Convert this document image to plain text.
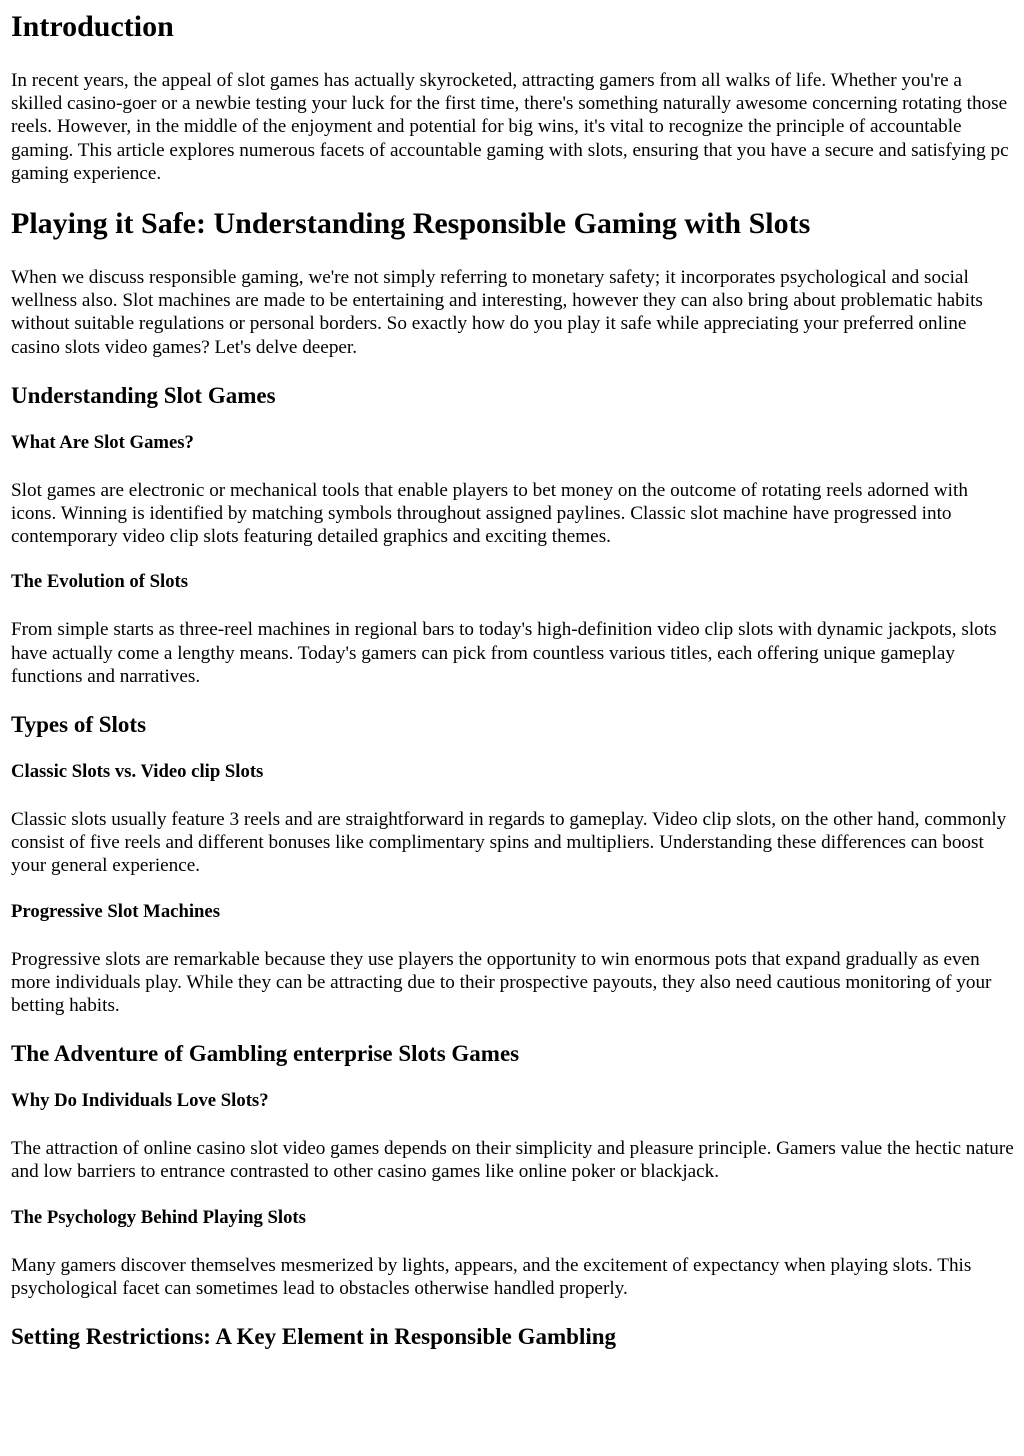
Introduction

In recent years, the appeal of slot games has actually skyrocketed, attracting gamers from all walks of life. Whether you're a skilled casino-goer or a newbie testing your luck for the first time, there's something naturally awesome concerning rotating those reels. However, in the middle of the enjoyment and potential for big wins, it's vital to recognize the principle of accountable gaming. This article explores numerous facets of accountable gaming with slots, ensuring that you have a secure and satisfying pc gaming experience.

Playing it Safe: Understanding Responsible Gaming with Slots

When we discuss responsible gaming, we're not simply referring to monetary safety; it incorporates psychological and social wellness also. Slot machines are made to be entertaining and interesting, however they can also bring about problematic habits without suitable regulations or personal borders. So exactly how do you play it safe while appreciating your preferred online casino slots video games? Let's delve deeper.

Understanding Slot Games
What Are Slot Games?

Slot games are electronic or mechanical tools that enable players to bet money on the outcome of rotating reels adorned with icons. Winning is identified by matching symbols throughout assigned paylines. Classic slot machine have progressed into contemporary video clip slots featuring detailed graphics and exciting themes.

The Evolution of Slots

From simple starts as three-reel machines in regional bars to today's high-definition video clip slots with dynamic jackpots, slots have actually come a lengthy means. Today's gamers can pick from countless various titles, each offering unique gameplay functions and narratives.

Types of Slots
Classic Slots vs. Video clip Slots

Classic slots usually feature 3 reels and are straightforward in regards to gameplay. Video clip slots, on the other hand, commonly consist of five reels and different bonuses like complimentary spins and multipliers. Understanding these differences can boost your general experience.

Progressive Slot Machines

Progressive slots are remarkable because they use players the opportunity to win enormous pots that expand gradually as even more individuals play. While they can be attracting due to their prospective payouts, they also need cautious monitoring of your betting habits.

The Adventure of Gambling enterprise Slots Games
Why Do Individuals Love Slots?

The attraction of online casino slot video games depends on their simplicity and pleasure principle. Gamers value the hectic nature and low barriers to entrance contrasted to other casino games like online poker or blackjack.

The Psychology Behind Playing Slots

Many gamers discover themselves mesmerized by lights, appears, and the excitement of expectancy when playing slots. This psychological facet can sometimes lead to obstacles otherwise handled properly.

Setting Restrictions: A Key Element in Responsible Gambling
